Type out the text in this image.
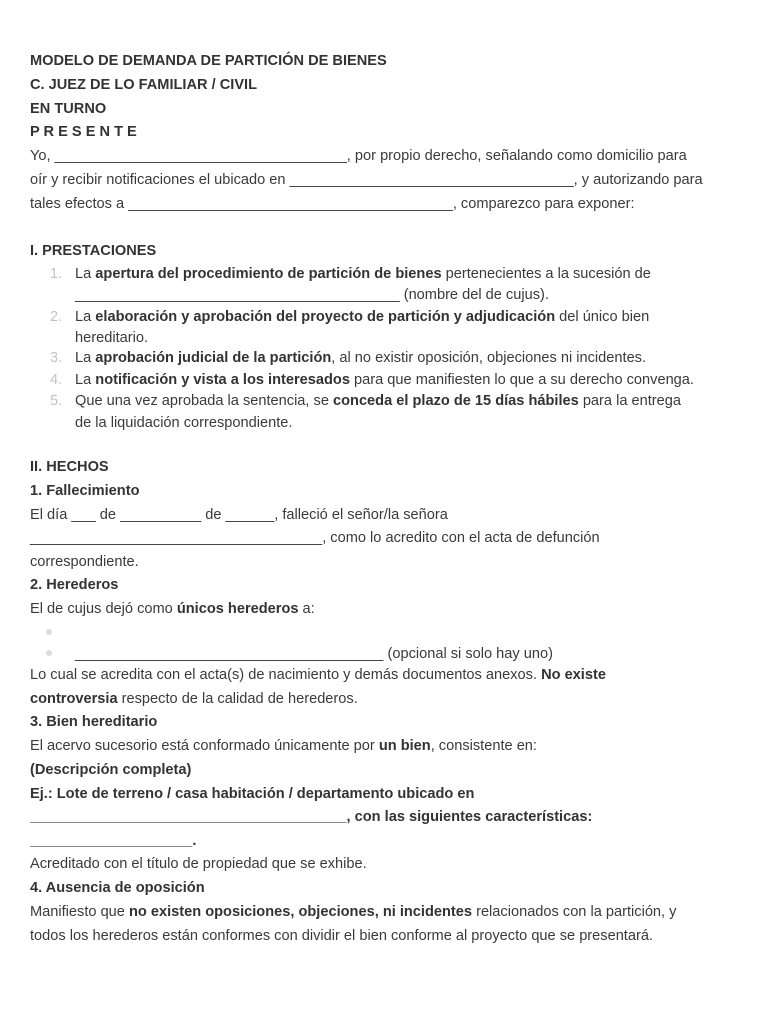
MODELO DE DEMANDA DE PARTICIÓN DE BIENES
C. JUEZ DE LO FAMILIAR / CIVIL
EN TURNO
P R E S E N T E
Yo, ____________________________________, por propio derecho, señalando como domicilio para
oír y recibir notificaciones el ubicado en ___________________________________, y autorizando para
tales efectos a ________________________________________, comparezco para exponer:
I. PRESTACIONES
1. La apertura del procedimiento de partición de bienes pertenecientes a la sucesión de
________________________________________ (nombre del de cujus).
2. La elaboración y aprobación del proyecto de partición y adjudicación del único bien
hereditario.
3. La aprobación judicial de la partición, al no existir oposición, objeciones ni incidentes.
4. La notificación y vista a los interesados para que manifiesten lo que a su derecho convenga.
5. Que una vez aprobada la sentencia, se conceda el plazo de 15 días hábiles para la entrega
de la liquidación correspondiente.
II. HECHOS
1. Fallecimiento
El día ___ de __________ de ______, falleció el señor/la señora
____________________________________, como lo acredito con el acta de defunción
correspondiente.
2. Herederos
El de cujus dejó como únicos herederos a:
______________________________________ (opcional si solo hay uno)
Lo cual se acredita con el acta(s) de nacimiento y demás documentos anexos. No existe
controversia respecto de la calidad de herederos.
3. Bien hereditario
El acervo sucesorio está conformado únicamente por un bien, consistente en:
(Descripción completa)
Ej.: Lote de terreno / casa habitación / departamento ubicado en
_______________________________________, con las siguientes características:
____________________.
Acreditado con el título de propiedad que se exhibe.
4. Ausencia de oposición
Manifiesto que no existen oposiciones, objeciones, ni incidentes relacionados con la partición, y
todos los herederos están conformes con dividir el bien conforme al proyecto que se presentará.
